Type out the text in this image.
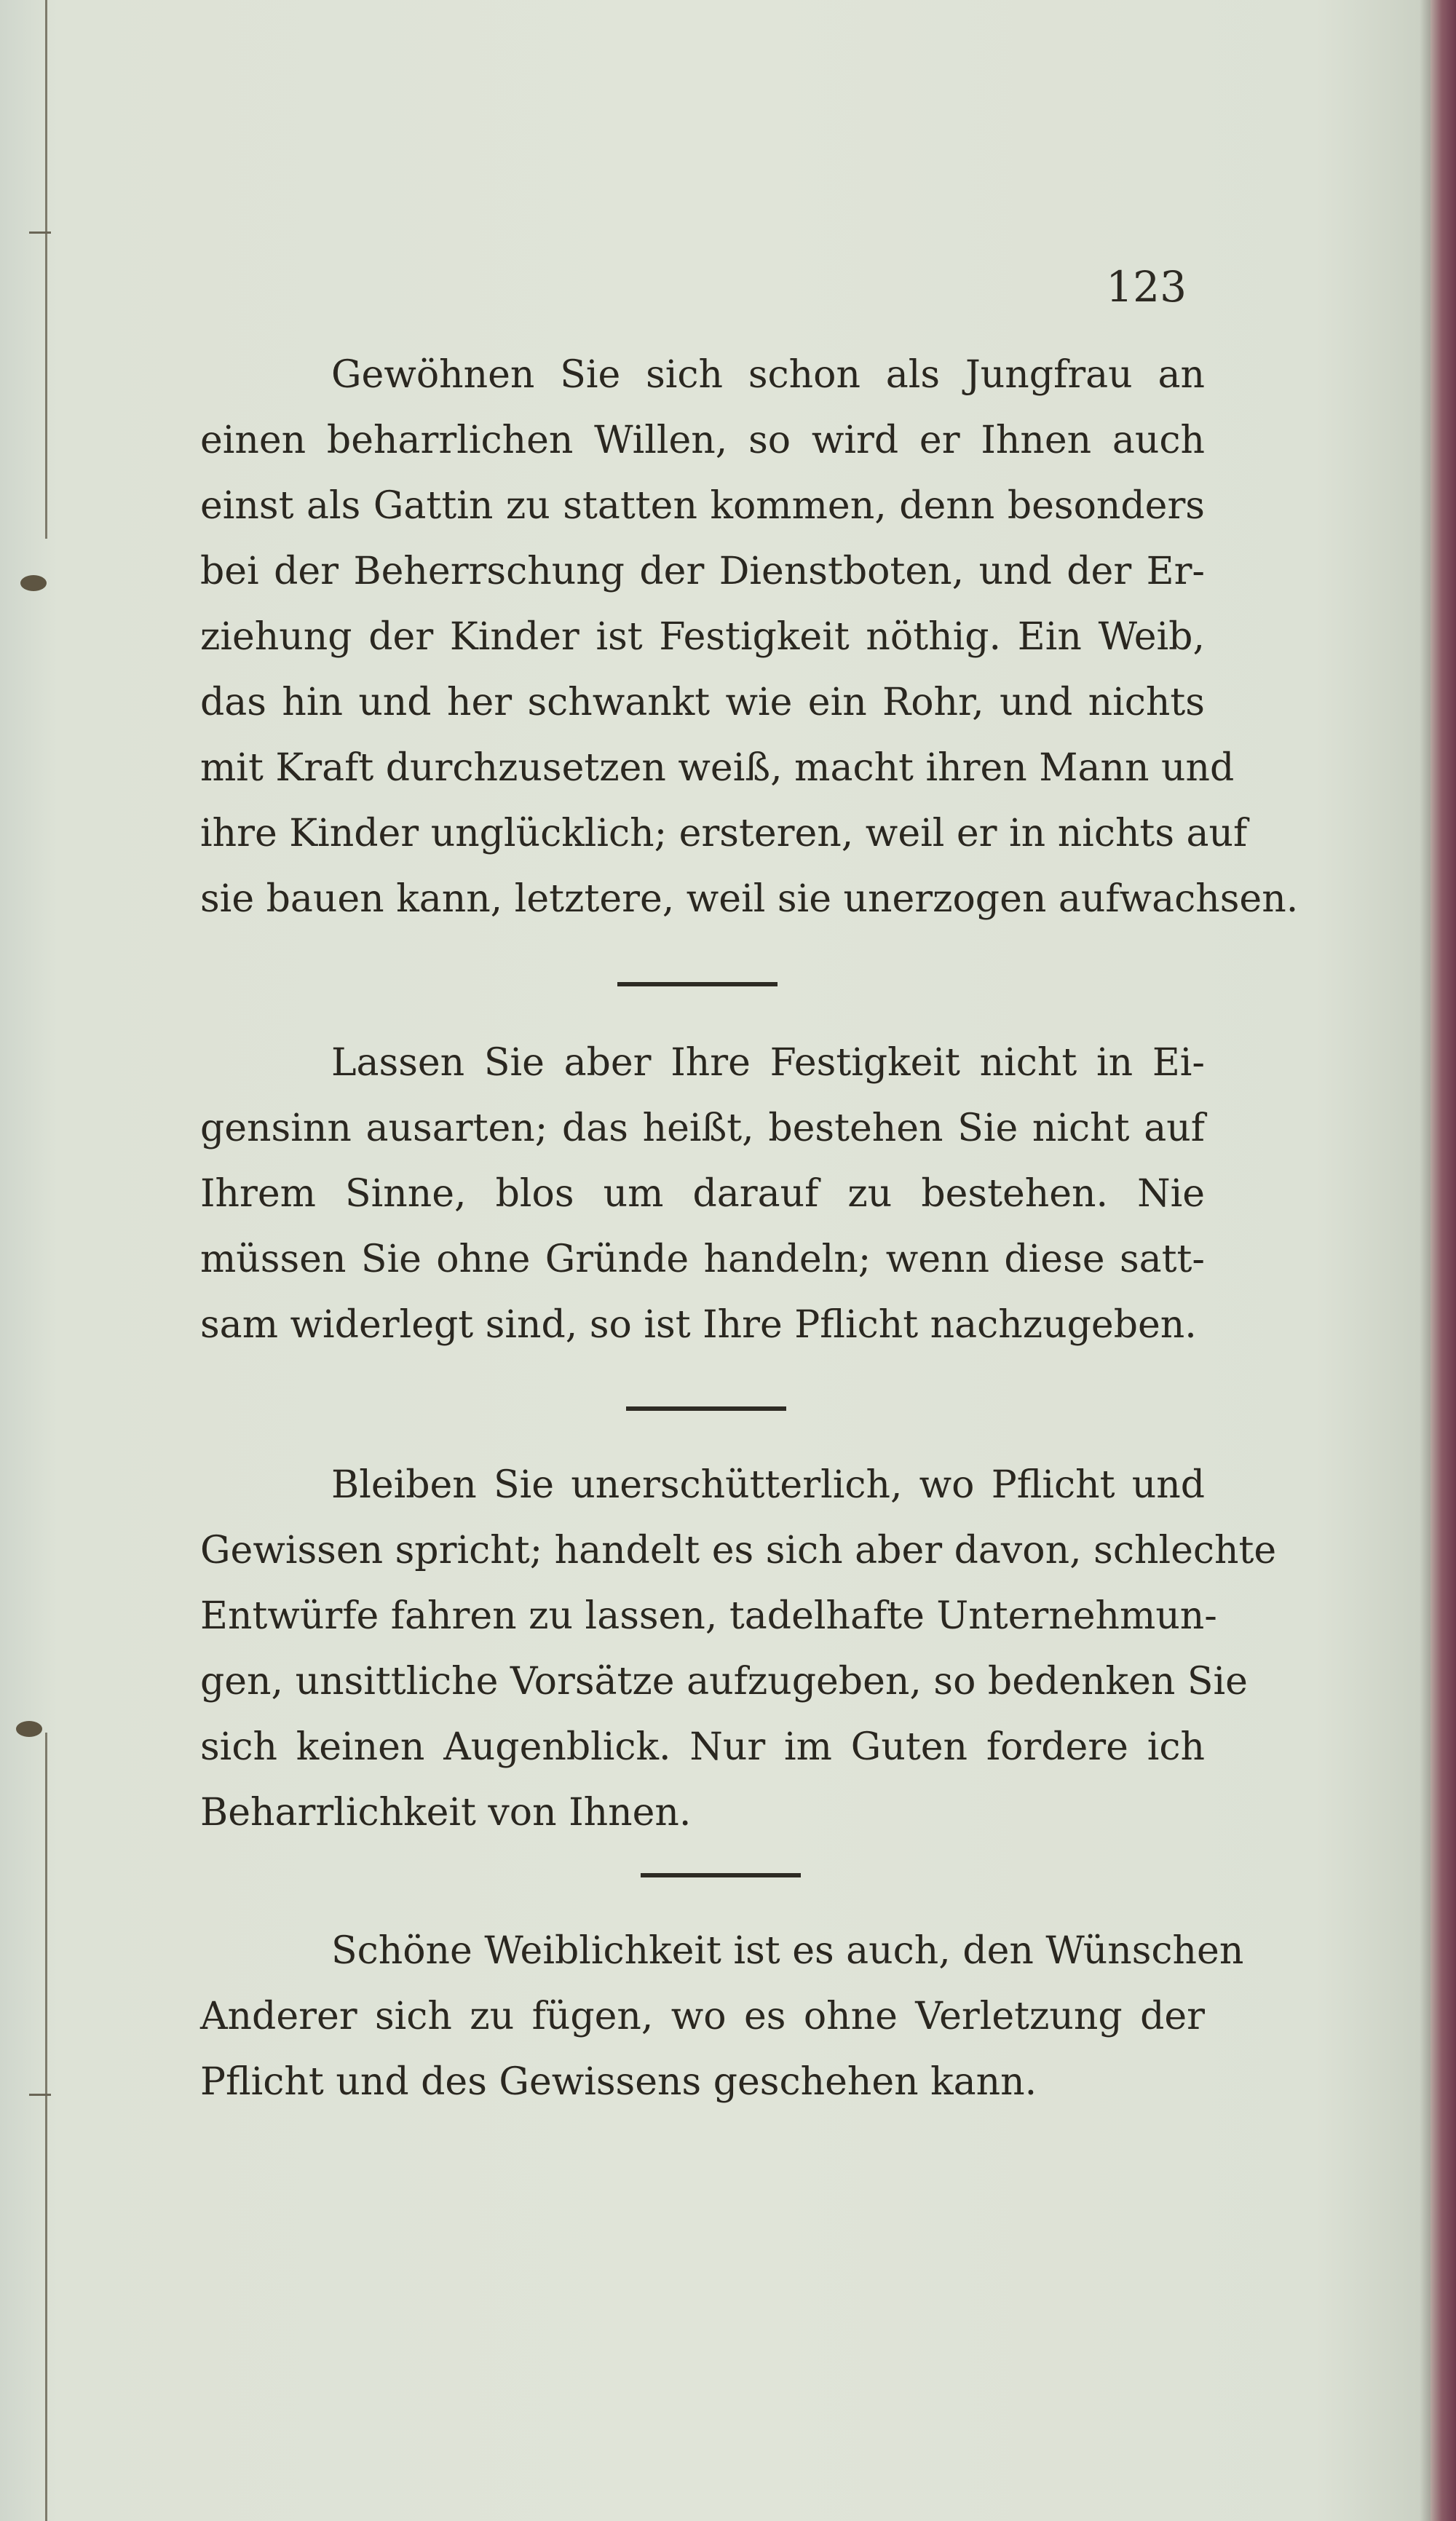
123
Gewöhnen Sie sich schon als Jungfrau an
einen beharrlichen Willen, so wird er Ihnen auch
einst als Gattin zu statten kommen, denn besonders
bei der Beherrschung der Dienstboten, und der Er-
ziehung der Kinder ist Festigkeit nöthig. Ein Weib,
das hin und her schwankt wie ein Rohr, und nichts
mit Kraft durchzusetzen weiß, macht ihren Mann und
ihre Kinder unglücklich; ersteren, weil er in nichts auf
sie bauen kann, letztere, weil sie unerzogen aufwachsen.
Lassen Sie aber Ihre Festigkeit nicht in Ei-
gensinn ausarten; das heißt, bestehen Sie nicht auf
Ihrem Sinne, blos um darauf zu bestehen. Nie
müssen Sie ohne Gründe handeln; wenn diese satt-
sam widerlegt sind, so ist Ihre Pflicht nachzugeben.
Bleiben Sie unerschütterlich, wo Pflicht und
Gewissen spricht; handelt es sich aber davon, schlechte
Entwürfe fahren zu lassen, tadelhafte Unternehmun-
gen, unsittliche Vorsätze aufzugeben, so bedenken Sie
sich keinen Augenblick. Nur im Guten fordere ich
Beharrlichkeit von Ihnen.
Schöne Weiblichkeit ist es auch, den Wünschen
Anderer sich zu fügen, wo es ohne Verletzung der
Pflicht und des Gewissens geschehen kann.
